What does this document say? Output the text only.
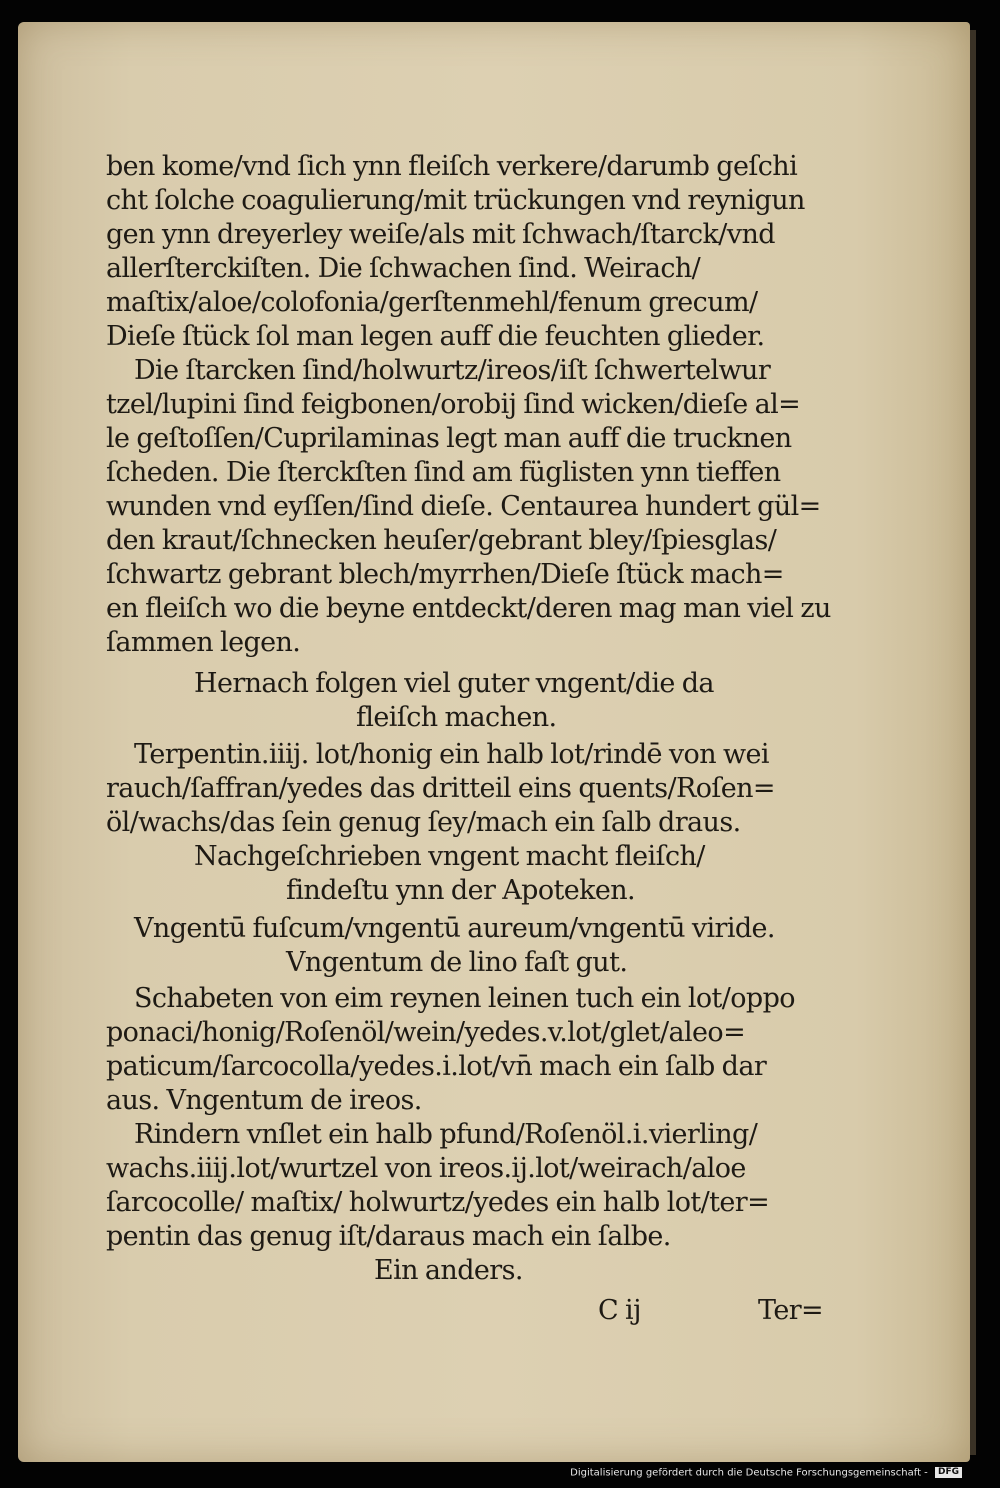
ben kome/vnd ſich ynn fleiſch verkere/darumb geſchi
cht ſolche coagulierung/mit trückungen vnd reynigun
gen ynn dreyerley weiſe/als mit ſchwach/ſtarck/vnd
allerſterckiſten. Die ſchwachen ſind. Weirach/
maſtix/aloe/colofonia/gerſtenmehl/fenum grecum/
Dieſe ſtück ſol man legen auff die feuchten glieder.
Die ſtarcken ſind/holwurtz/ireos/iſt ſchwertelwur
tzel/lupini ſind feigbonen/orobij ſind wicken/dieſe al=
le geſtoſſen/Cuprilaminas legt man auff die trucknen
ſcheden. Die ſterckſten ſind am füglisten ynn tieffen
wunden vnd eyſſen/ſind dieſe. Centaurea hundert gül=
den kraut/ſchnecken heuſer/gebrant bley/ſpiesglas/
ſchwartz gebrant blech/myrrhen/Dieſe ſtück mach=
en fleiſch wo die beyne entdeckt/deren mag man viel zu
ſammen legen.
Hernach folgen viel guter vngent/die da
fleiſch machen.
Terpentin.iiij. lot/honig ein halb lot/rindē von wei
rauch/ſaffran/yedes das dritteil eins quents/Roſen=
öl/wachs/das ſein genug ſey/mach ein ſalb draus.
Nachgeſchrieben vngent macht fleiſch/
findeſtu ynn der Apoteken.
Vngentū fuſcum/vngentū aureum/vngentū viride.
Vngentum de lino faſt gut.
Schabeten von eim reynen leinen tuch ein lot/oppo
ponaci/honig/Roſenöl/wein/yedes.v.lot/glet/aleo=
paticum/ſarcocolla/yedes.i.lot/vn̄ mach ein ſalb dar
aus. Vngentum de ireos.
Rindern vnſlet ein halb pfund/Roſenöl.i.vierling/
wachs.iiij.lot/wurtzel von ireos.ij.lot/weirach/aloe
ſarcocolle/ maſtix/ holwurtz/yedes ein halb lot/ter=
pentin das genug iſt/daraus mach ein ſalbe.
Ein anders.
C ij	Ter=
Digitalisierung gefördert durch die Deutsche Forschungsgemeinschaft - DFG
